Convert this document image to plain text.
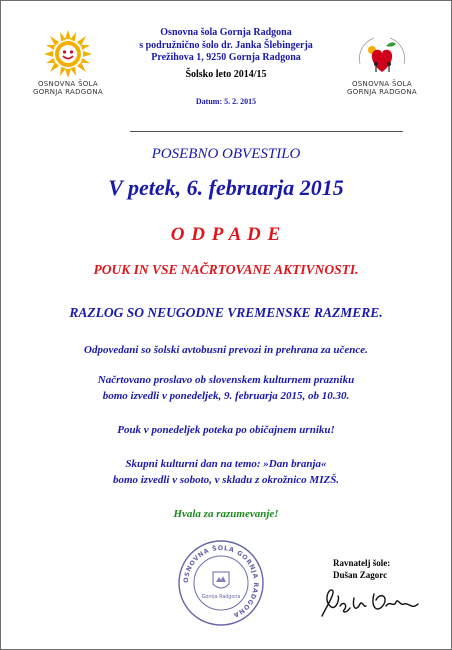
OSNOVNA ŠOLA
GORNJA RADGONA
OSNOVNA ŠOLA
GORNJA RADGONA
Osnovna šola Gornja Radgona
s podružnično šolo dr. Janka Šlebingerja
Prežihova 1, 9250 Gornja Radgona
Šolsko leto 2014/15
Datum: 5. 2. 2015
POSEBNO OBVESTILO
V petek, 6. februarja 2015
O D P A D E
POUK IN VSE NAČRTOVANE AKTIVNOSTI.
RAZLOG SO NEUGODNE VREMENSKE RAZMERE.
Odpovedani so šolski avtobusni prevozi in prehrana za učence.
Načrtovano proslavo ob slovenskem kulturnem prazniku
bomo izvedli v ponedeljek, 9. februarja 2015, ob 10.30.
Pouk v ponedeljek poteka po običajnem urniku!
Skupni kulturni dan na temo: »Dan branja«
bomo izvedli v soboto, v skladu z okrožnico MIZŠ.
Hvala za razumevanje!
OSNOVNA ŠOLA GORNJA RADGONA
Gornja Radgona
Ravnatelj šole:
Dušan Zagorc
